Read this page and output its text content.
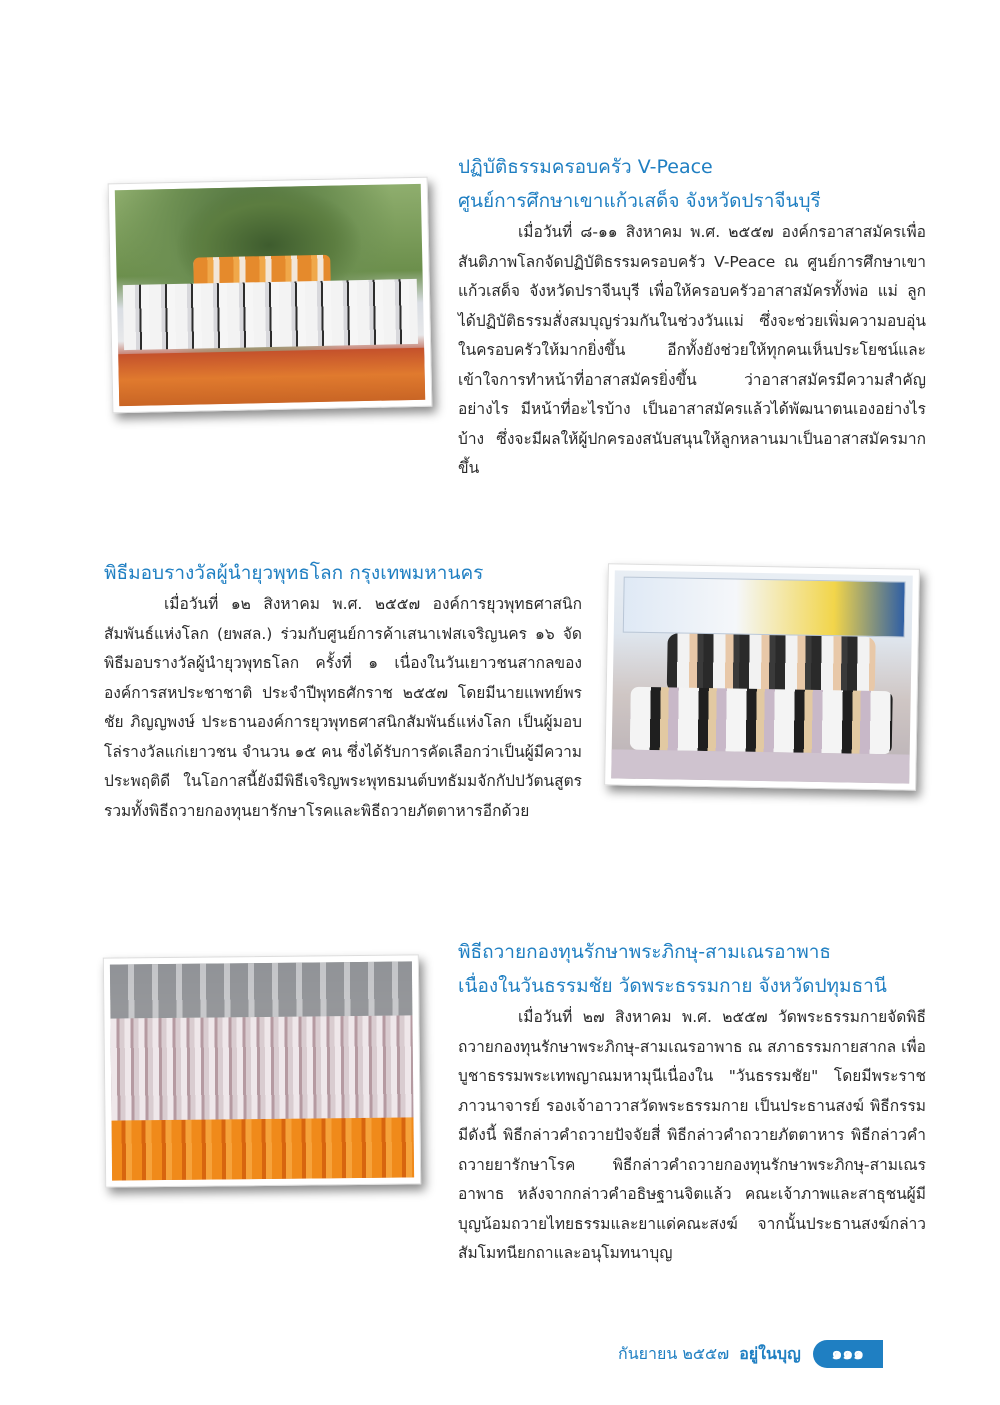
ปฏิบัติธรรมครอบครัว V-Peace
ศูนย์การศึกษาเขาแก้วเสด็จ จังหวัดปราจีนบุรี

เมื่อวันที่ ๘-๑๑ สิงหาคม พ.ศ. ๒๕๕๗ องค์กรอาสาสมัครเพื่อสันติภาพโลกจัดปฏิบัติธรรมครอบครัว V-Peace ณ ศูนย์การศึกษาเขาแก้วเสด็จ จังหวัดปราจีนบุรี เพื่อให้ครอบครัวอาสาสมัครทั้งพ่อ แม่ ลูก ได้ปฏิบัติธรรมสั่งสมบุญร่วมกันในช่วงวันแม่ ซึ่งจะช่วยเพิ่มความอบอุ่นในครอบครัวให้มากยิ่งขึ้น อีกทั้งยังช่วยให้ทุกคนเห็นประโยชน์และเข้าใจการทำหน้าที่อาสาสมัครยิ่งขึ้น ว่าอาสาสมัครมีความสำคัญอย่างไร มีหน้าที่อะไรบ้าง เป็นอาสาสมัครแล้วได้พัฒนาตนเองอย่างไรบ้าง ซึ่งจะมีผลให้ผู้ปกครองสนับสนุนให้ลูกหลานมาเป็นอาสาสมัครมากขึ้น

พิธีมอบรางวัลผู้นำยุวพุทธโลก กรุงเทพมหานคร

เมื่อวันที่ ๑๒ สิงหาคม พ.ศ. ๒๕๕๗ องค์การยุวพุทธศาสนิกสัมพันธ์แห่งโลก (ยพสล.) ร่วมกับศูนย์การค้าเสนาเฟสเจริญนคร ๑๖ จัดพิธีมอบรางวัลผู้นำยุวพุทธโลก ครั้งที่ ๑ เนื่องในวันเยาวชนสากลขององค์การสหประชาชาติ ประจำปีพุทธศักราช ๒๕๕๗ โดยมีนายแพทย์พรชัย ภิญญพงษ์ ประธานองค์การยุวพุทธศาสนิกสัมพันธ์แห่งโลก เป็นผู้มอบโล่รางวัลแก่เยาวชน จำนวน ๑๕ คน ซึ่งได้รับการคัดเลือกว่าเป็นผู้มีความประพฤติดี ในโอกาสนี้ยังมีพิธีเจริญพระพุทธมนต์บทธัมมจักกัปปวัตนสูตร รวมทั้งพิธีถวายกองทุนยารักษาโรคและพิธีถวายภัตตาหารอีกด้วย

พิธีถวายกองทุนรักษาพระภิกษุ-สามเณรอาพาธ
เนื่องในวันธรรมชัย วัดพระธรรมกาย จังหวัดปทุมธานี

เมื่อวันที่ ๒๗ สิงหาคม พ.ศ. ๒๕๕๗ วัดพระธรรมกายจัดพิธีถวายกองทุนรักษาพระภิกษุ-สามเณรอาพาธ ณ สภาธรรมกายสากล เพื่อบูชาธรรมพระเทพญาณมหามุนีเนื่องใน "วันธรรมชัย" โดยมีพระราชภาวนาจารย์ รองเจ้าอาวาสวัดพระธรรมกาย เป็นประธานสงฆ์ พิธีกรรมมีดังนี้ พิธีกล่าวคำถวายปัจจัยสี่ พิธีกล่าวคำถวายภัตตาหาร พิธีกล่าวคำถวายยารักษาโรค พิธีกล่าวคำถวายกองทุนรักษาพระภิกษุ-สามเณรอาพาธ หลังจากกล่าวคำอธิษฐานจิตแล้ว คณะเจ้าภาพและสาธุชนผู้มีบุญน้อมถวายไทยธรรมและยาแด่คณะสงฆ์ จากนั้นประธานสงฆ์กล่าวสัมโมทนียกถาและอนุโมทนาบุญ

กันยายน ๒๕๕๗ อยู่ในบุญ	๑๑๑
